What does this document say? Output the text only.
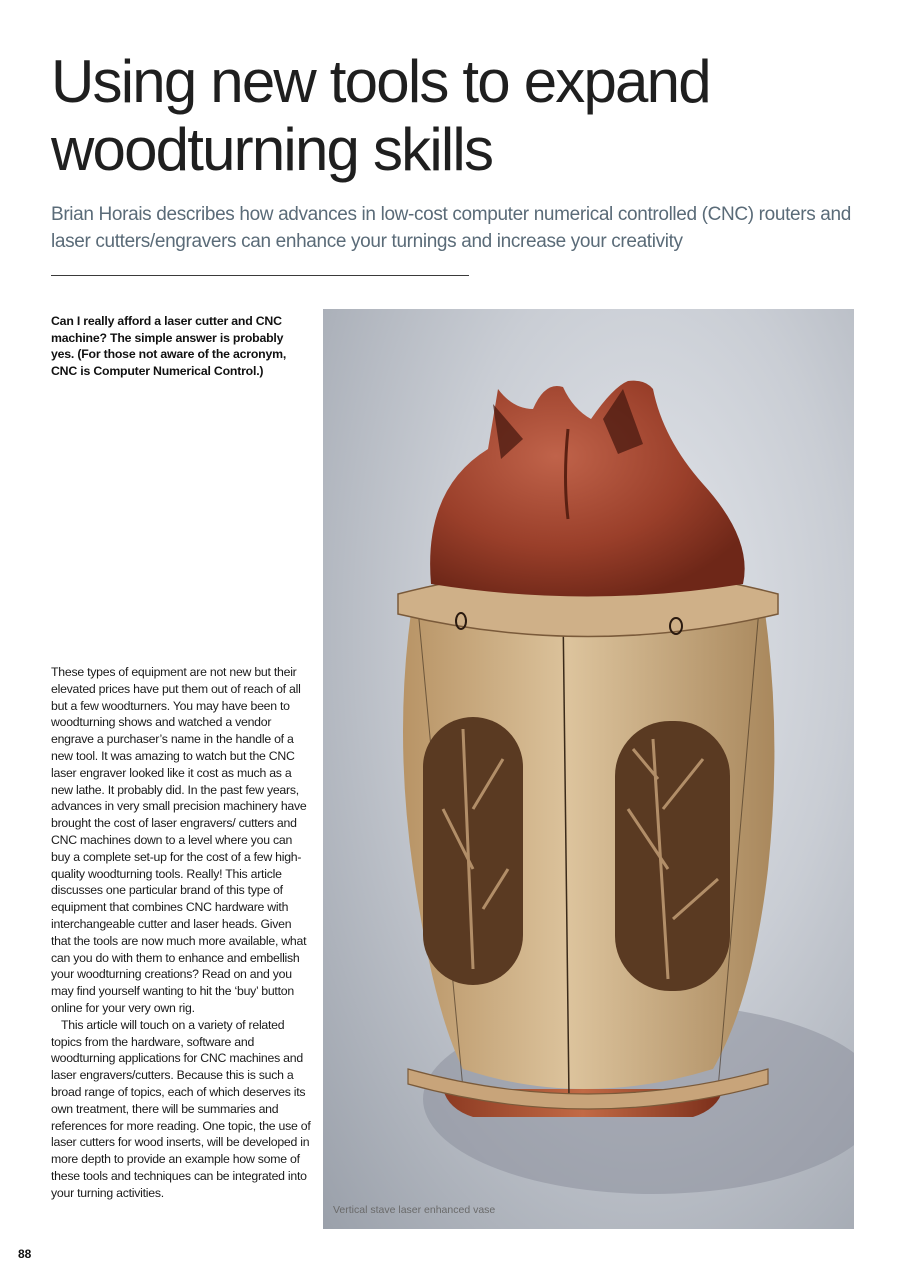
Using new tools to expand woodturning skills

Brian Horais describes how advances in low-cost computer numerical controlled (CNC) routers and laser cutters/engravers can enhance your turnings and increase your creativity

Can I really afford a laser cutter and CNC machine? The simple answer is probably yes. (For those not aware of the acronym, CNC is Computer Numerical Control.)

These types of equipment are not new but their elevated prices have put them out of reach of all but a few woodturners. You may have been to woodturning shows and watched a vendor engrave a purchaser’s name in the handle of a new tool. It was amazing to watch but the CNC laser engraver looked like it cost as much as a new lathe. It probably did. In the past few years, advances in very small precision machinery have brought the cost of laser engravers/ cutters and CNC machines down to a level where you can buy a complete set-up for the cost of a few high-quality woodturning tools. Really! This article discusses one particular brand of this type of equipment that combines CNC hardware with interchangeable cutter and laser heads. Given that the tools are now much more available, what can you do with them to enhance and embellish your woodturning creations? Read on and you may find yourself wanting to hit the ‘buy’ button online for your very own rig.

This article will touch on a variety of related topics from the hardware, software and woodturning applications for CNC machines and laser engravers/cutters. Because this is such a broad range of topics, each of which deserves its own treatment, there will be summaries and references for more reading. One topic, the use of laser cutters for wood inserts, will be developed in more depth to provide an example how some of these tools and techniques can be integrated into your turning activities.

Vertical stave laser enhanced vase
88
